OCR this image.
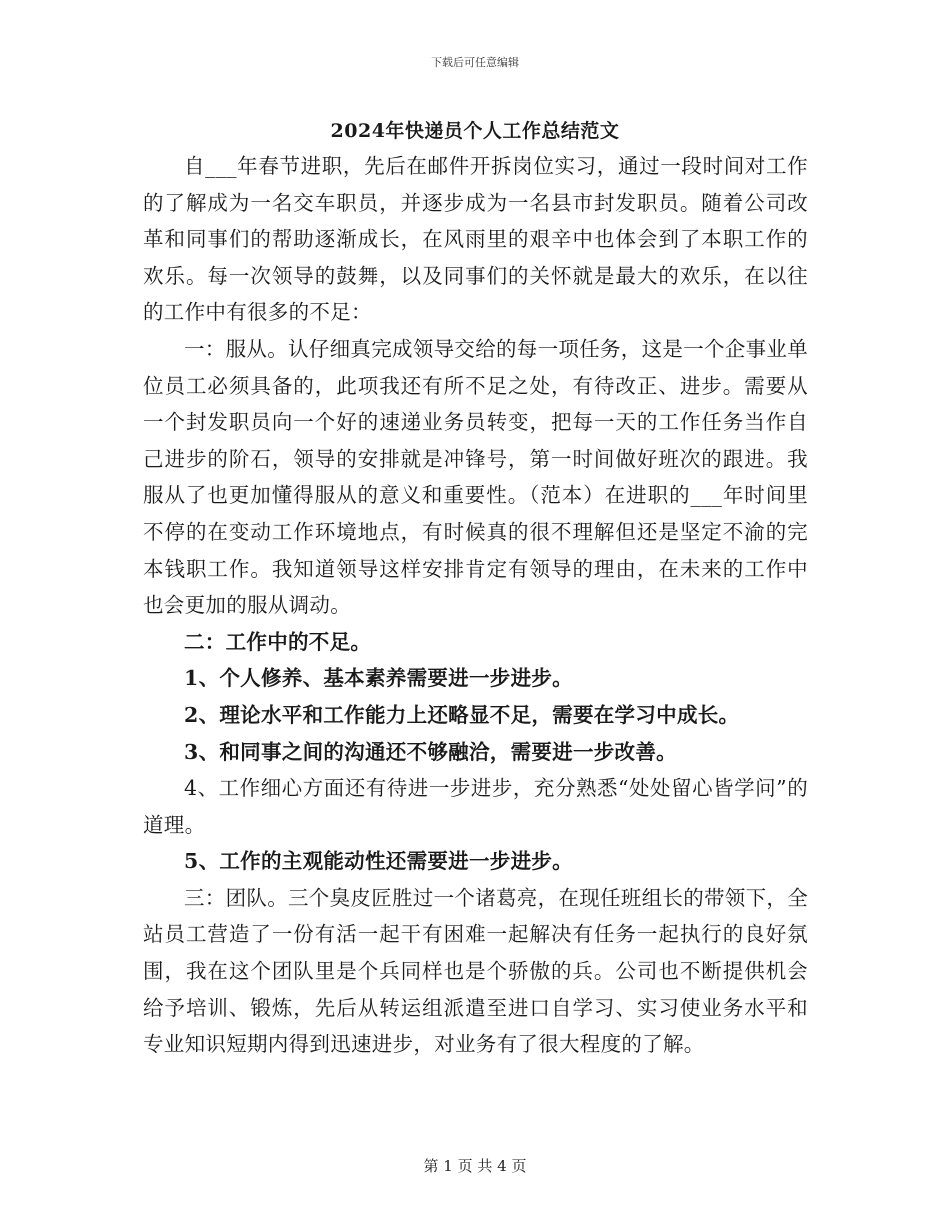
下载后可任意编辑
2024年快递员个人工作总结范文

自___年春节进职，先后在邮件开拆岗位实习，通过一段时间对工作的了解成为一名交车职员，并逐步成为一名县市封发职员。随着公司改革和同事们的帮助逐渐成长，在风雨里的艰辛中也体会到了本职工作的欢乐。每一次领导的鼓舞，以及同事们的关怀就是最大的欢乐，在以往的工作中有很多的不足：

一：服从。认仔细真完成领导交给的每一项任务，这是一个企事业单位员工必须具备的，此项我还有所不足之处，有待改正、进步。需要从一个封发职员向一个好的速递业务员转变，把每一天的工作任务当作自己进步的阶石，领导的安排就是冲锋号，第一时间做好班次的跟进。我服从了也更加懂得服从的意义和重要性。（范本）在进职的___年时间里不停的在变动工作环境地点，有时候真的很不理解但还是坚定不渝的完本钱职工作。我知道领导这样安排肯定有领导的理由，在未来的工作中也会更加的服从调动。

二：工作中的不足。

1、个人修养、基本素养需要进一步进步。

2、理论水平和工作能力上还略显不足，需要在学习中成长。

3、和同事之间的沟通还不够融洽，需要进一步改善。

4、工作细心方面还有待进一步进步，充分熟悉“处处留心皆学问”的道理。

5、工作的主观能动性还需要进一步进步。

三：团队。三个臭皮匠胜过一个诸葛亮，在现任班组长的带领下，全站员工营造了一份有活一起干有困难一起解决有任务一起执行的良好氛围，我在这个团队里是个兵同样也是个骄傲的兵。公司也不断提供机会给予培训、锻炼，先后从转运组派遣至进口自学习、实习使业务水平和专业知识短期内得到迅速进步，对业务有了很大程度的了解。

第 1 页 共 4 页
